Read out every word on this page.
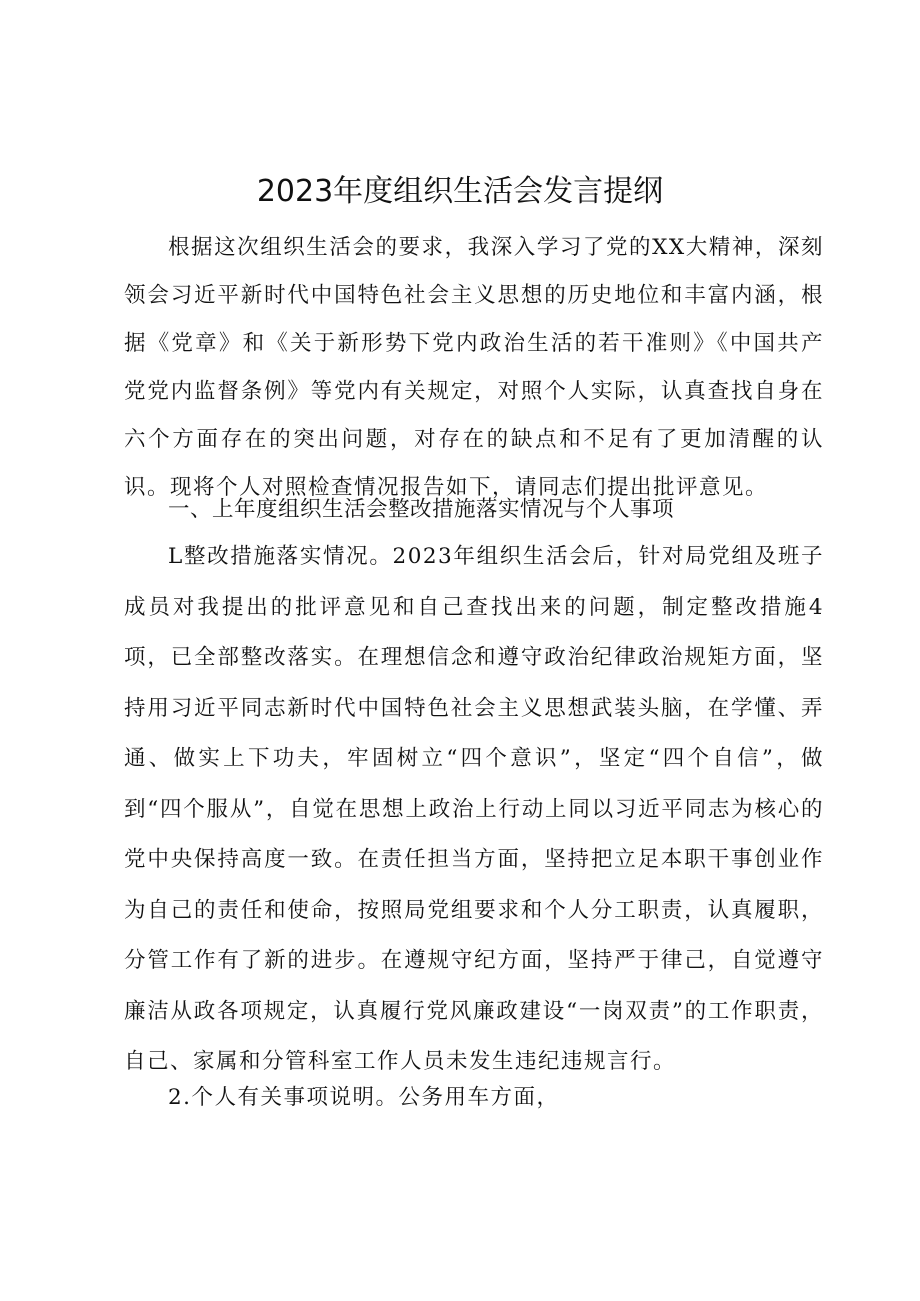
2023年度组织生活会发言提纲

根据这次组织生活会的要求，我深入学习了党的XX大精神，深刻领会习近平新时代中国特色社会主义思想的历史地位和丰富内涵，根据《党章》和《关于新形势下党内政治生活的若干准则》《中国共产党党内监督条例》等党内有关规定，对照个人实际，认真查找自身在六个方面存在的突出问题，对存在的缺点和不足有了更加清醒的认识。现将个人对照检查情况报告如下，请同志们提出批评意见。

一、上年度组织生活会整改措施落实情况与个人事项

L整改措施落实情况。2023年组织生活会后，针对局党组及班子成员对我提出的批评意见和自己查找出来的问题，制定整改措施4项，已全部整改落实。在理想信念和遵守政治纪律政治规矩方面，坚持用习近平同志新时代中国特色社会主义思想武装头脑，在学懂、弄通、做实上下功夫，牢固树立“四个意识”，坚定“四个自信”，做到“四个服从”，自觉在思想上政治上行动上同以习近平同志为核心的党中央保持高度一致。在责任担当方面，坚持把立足本职干事创业作为自己的责任和使命，按照局党组要求和个人分工职责，认真履职，分管工作有了新的进步。在遵规守纪方面，坚持严于律己，自觉遵守廉洁从政各项规定，认真履行党风廉政建设“一岗双责”的工作职责，自己、家属和分管科室工作人员未发生违纪违规言行。

2.个人有关事项说明。公务用车方面，
